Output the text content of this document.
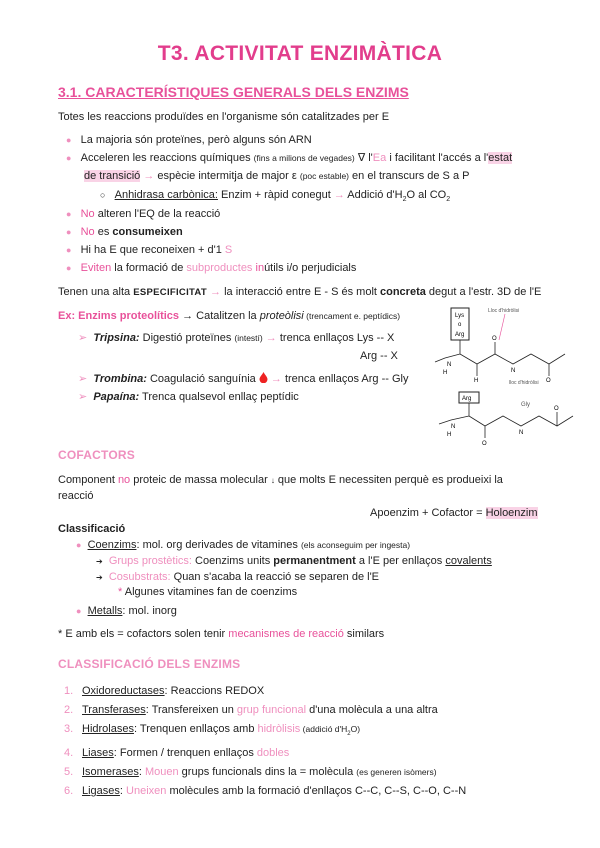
T3. ACTIVITAT ENZIMÀTICA
3.1. CARACTERÍSTIQUES GENERALS DELS ENZIMS
Totes les reaccions produïdes en l'organisme són catalitzades per E
● La majoria són proteïnes, però alguns són ARN
● Acceleren les reaccions químiques (fins a milions de vegades) ∇ l'Ea i facilitant l'accés a l'estat
de transició → espècie intermitja de major ε (poc estable) en el transcurs de S a P
○ Anhidrasa carbònica: Enzim + ràpid conegut → Addició $d'H_2O$ al $CO_2$
● No alteren l'EQ de la reacció
● No es consumeixen
● Hi ha E que reconeixen + d'1 S
● Eviten la formació de subproductes inútils i/o perjudicials
Tenen una alta ESPECIFICITAT → la interacció entre E - S és molt concreta degut a l'estr. 3D de l'E
Ex: Enzims proteolítics → Catalitzen la proteòlisi (trencament e. peptídics)
➢ Tripsina: Digestió proteïnes (intestí) → trenca enllaços Lys -- X
Arg -- X
➢ Trombina: Coagulació sanguínia  → trenca enllaços Arg -- Gly
➢ Papaína: Trenca qualsevol enllaç peptídic
Lys
o
Arg
Lloc d'hidròlisi
N
H
O
H
N
O
lloc d'hidròlisi
Arg
Gly
N
H
O
N
O
COFACTORS
Component no proteic de massa molecular ↓ que molts E necessiten perquè es produeixi la
reacció
Apoenzim + Cofactor = Holoenzim
Classificació
● Coenzims: mol. org derivades de vitamines (els aconseguim per ingesta)
➔ Grups prostètics: Coenzims units permanentment a l'E per enllaços covalents
➔ Cosubstrats: Quan s'acaba la reacció se separen de l'E
* Algunes vitamines fan de coenzims
● Metalls: mol. inorg
* E amb els = cofactors solen tenir mecanismes de reacció similars
CLASSIFICACIÓ DELS ENZIMS
1. Oxidoreductases: Reaccions REDOX
2. Transferases: Transfereixen un grup funcional d'una molècula a una altra
3. Hidrolases: Trenquen enllaços amb hidròlisis (addició $d'H_2O$)
4. Liases: Formen / trenquen enllaços dobles
5. Isomerases: Mouen grups funcionals dins la = molècula (es generen isòmers)
6. Ligases: Uneixen molècules amb la formació d'enllaços C--C, C--S, C--O, C--N
